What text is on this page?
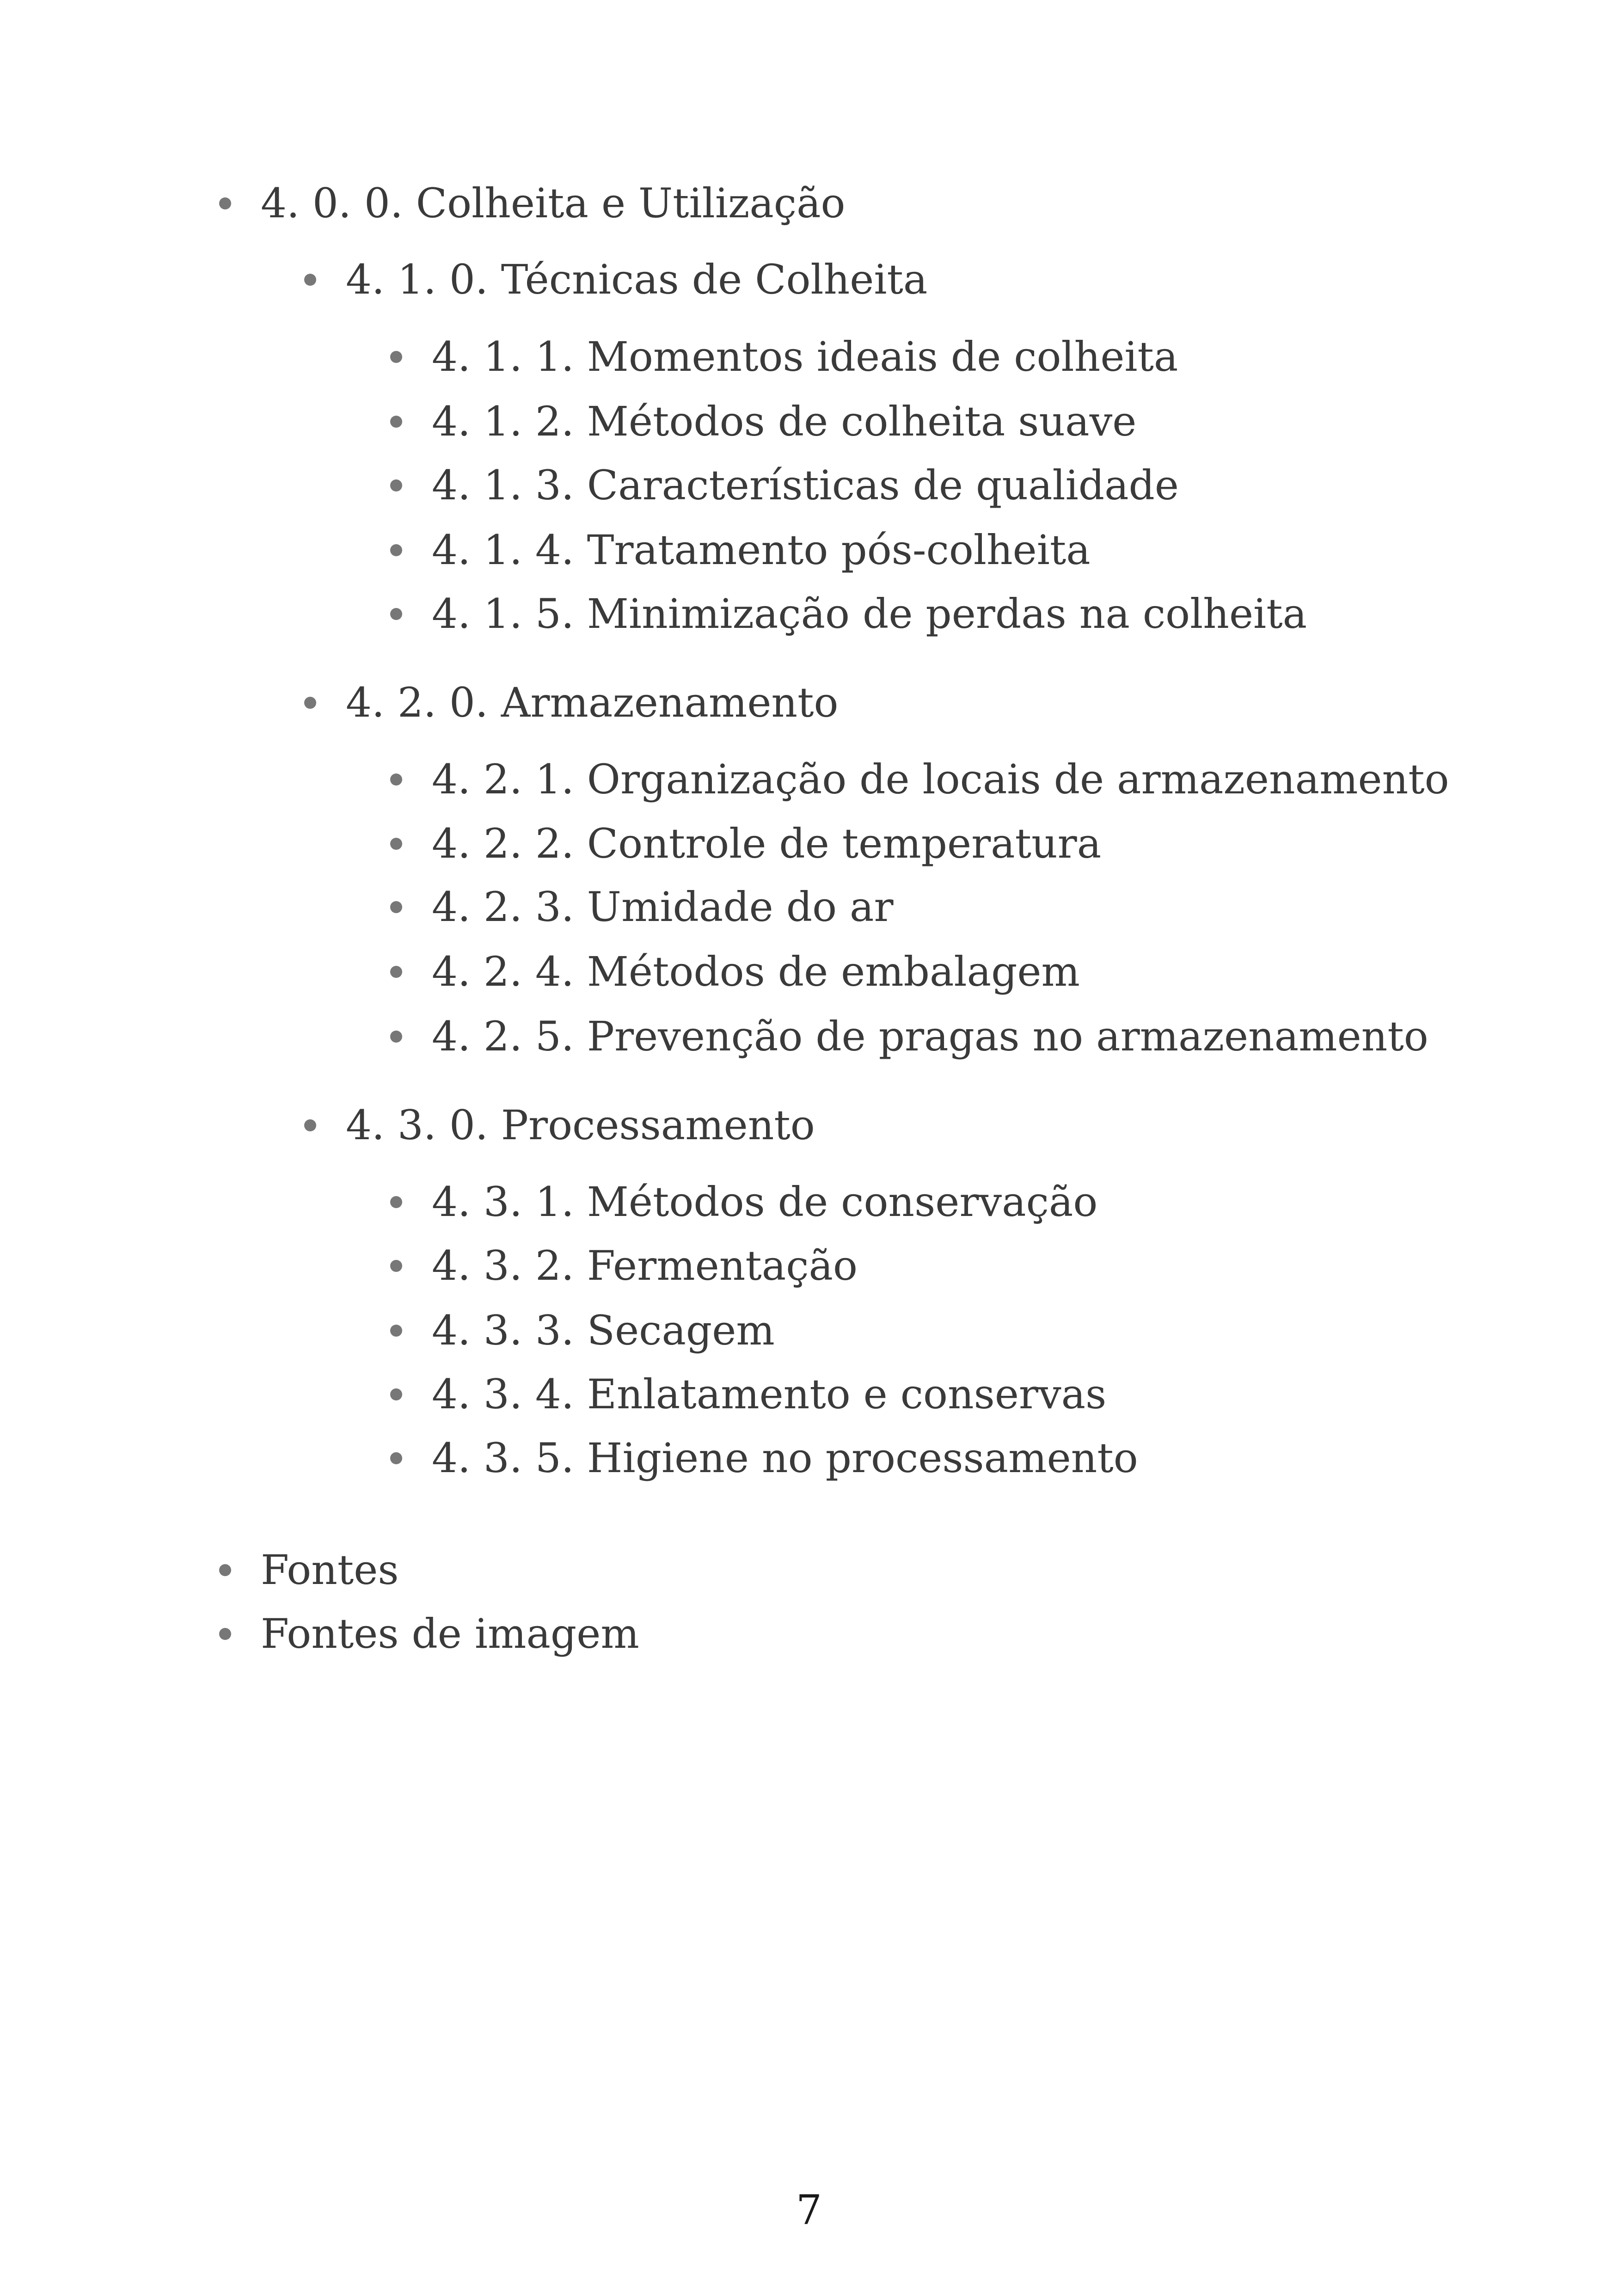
4. 0. 0. Colheita e Utilização
4. 1. 0. Técnicas de Colheita
4. 1. 1. Momentos ideais de colheita
4. 1. 2. Métodos de colheita suave
4. 1. 3. Características de qualidade
4. 1. 4. Tratamento pós-colheita
4. 1. 5. Minimização de perdas na colheita
4. 2. 0. Armazenamento
4. 2. 1. Organização de locais de armazenamento
4. 2. 2. Controle de temperatura
4. 2. 3. Umidade do ar
4. 2. 4. Métodos de embalagem
4. 2. 5. Prevenção de pragas no armazenamento
4. 3. 0. Processamento
4. 3. 1. Métodos de conservação
4. 3. 2. Fermentação
4. 3. 3. Secagem
4. 3. 4. Enlatamento e conservas
4. 3. 5. Higiene no processamento
Fontes
Fontes de imagem
7
